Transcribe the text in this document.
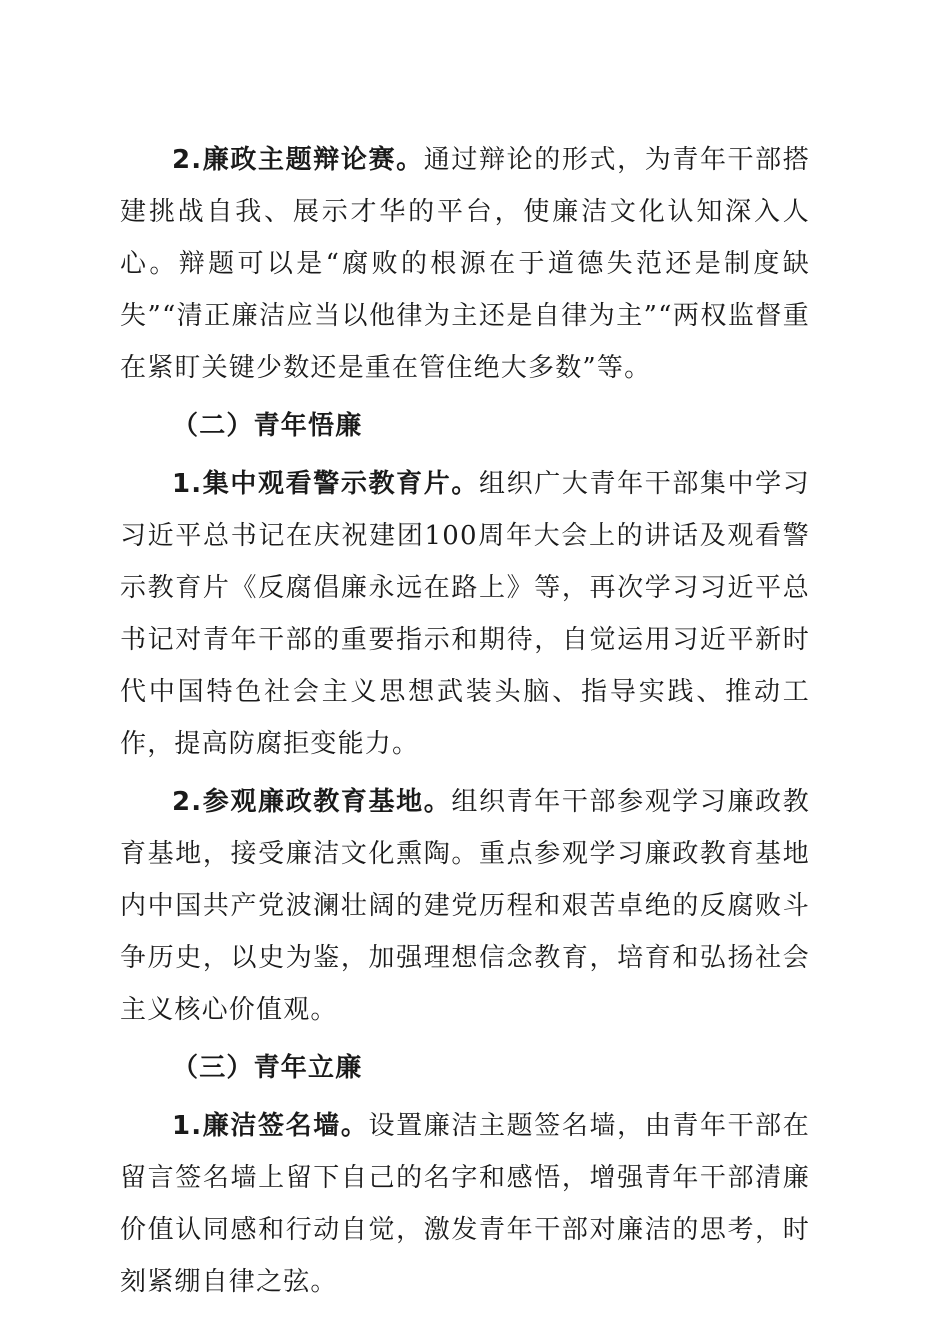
2.廉政主题辩论赛。通过辩论的形式，为青年干部搭建挑战自我、展示才华的平台，使廉洁文化认知深入人心。辩题可以是“腐败的根源在于道德失范还是制度缺失”“清正廉洁应当以他律为主还是自律为主”“两权监督重在紧盯关键少数还是重在管住绝大多数”等。

（二）青年悟廉

1.集中观看警示教育片。组织广大青年干部集中学习习近平总书记在庆祝建团100周年大会上的讲话及观看警示教育片《反腐倡廉永远在路上》等，再次学习习近平总书记对青年干部的重要指示和期待，自觉运用习近平新时代中国特色社会主义思想武装头脑、指导实践、推动工作，提高防腐拒变能力。

2.参观廉政教育基地。组织青年干部参观学习廉政教育基地，接受廉洁文化熏陶。重点参观学习廉政教育基地内中国共产党波澜壮阔的建党历程和艰苦卓绝的反腐败斗争历史，以史为鉴，加强理想信念教育，培育和弘扬社会主义核心价值观。

（三）青年立廉

1.廉洁签名墙。设置廉洁主题签名墙，由青年干部在留言签名墙上留下自己的名字和感悟，增强青年干部清廉价值认同感和行动自觉，激发青年干部对廉洁的思考，时刻紧绷自律之弦。
